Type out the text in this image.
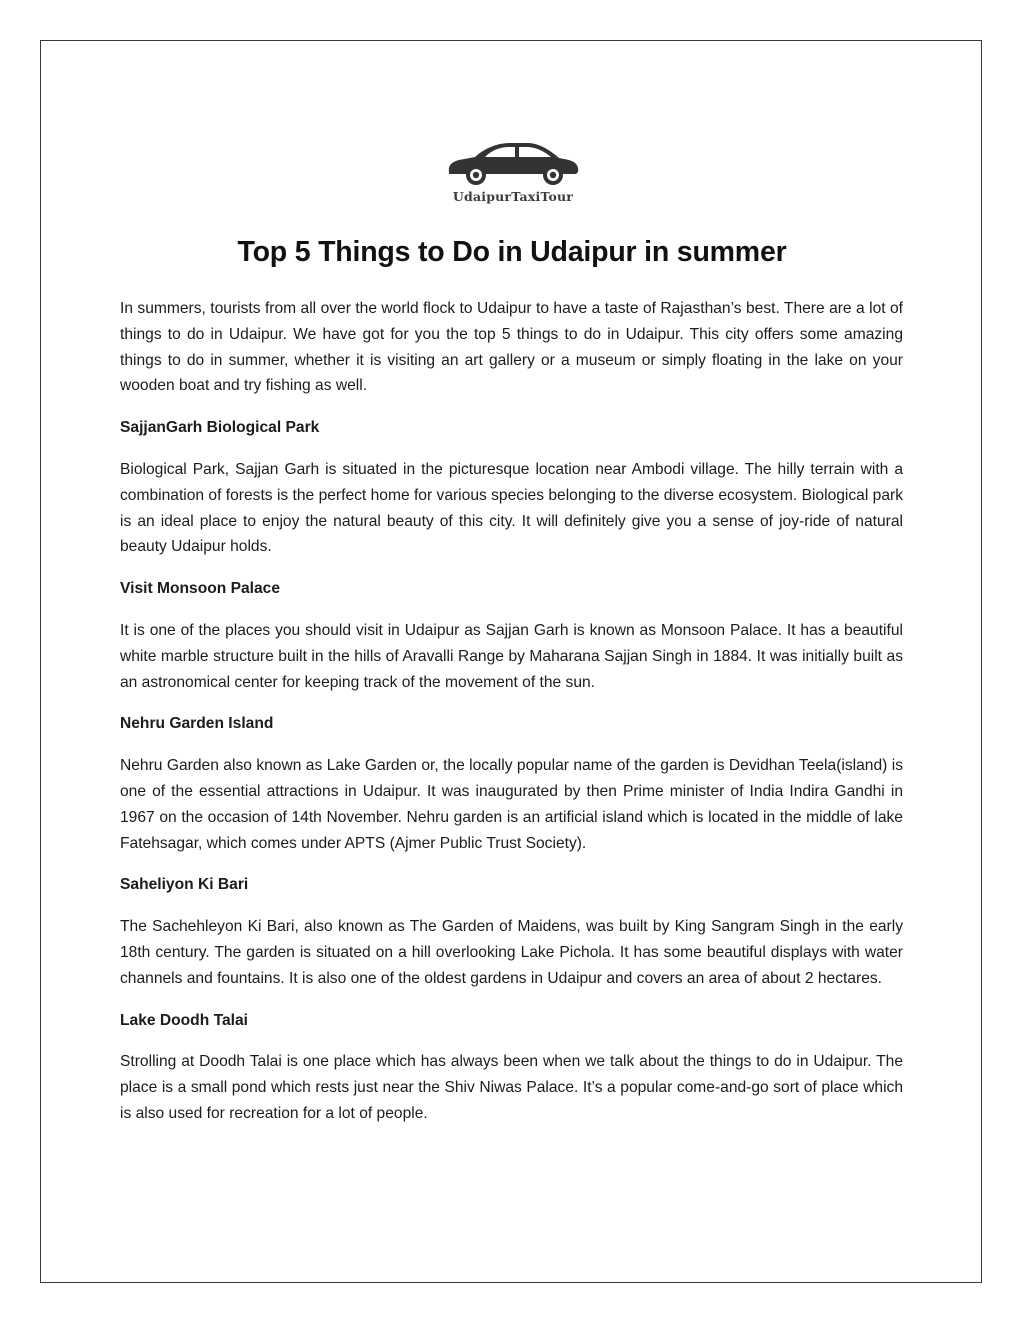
UdaipurTaxiTour
Top 5 Things to Do in Udaipur in summer

In summers, tourists from all over the world flock to Udaipur to have a taste of Rajasthan’s best. There are a lot of things to do in Udaipur. We have got for you the top 5 things to do in Udaipur. This city offers some amazing things to do in summer, whether it is visiting an art gallery or a museum or simply floating in the lake on your wooden boat and try fishing as well.

SajjanGarh Biological Park

Biological Park, Sajjan Garh is situated in the picturesque location near Ambodi village. The hilly terrain with a combination of forests is the perfect home for various species belonging to the diverse ecosystem. Biological park is an ideal place to enjoy the natural beauty of this city. It will definitely give you a sense of joy-ride of natural beauty Udaipur holds.

Visit Monsoon Palace

It is one of the places you should visit in Udaipur as Sajjan Garh is known as Monsoon Palace. It has a beautiful white marble structure built in the hills of Aravalli Range by Maharana Sajjan Singh in 1884. It was initially built as an astronomical center for keeping track of the movement of the sun.

Nehru Garden Island

Nehru Garden also known as Lake Garden or, the locally popular name of the garden is Devidhan Teela(island) is one of the essential attractions in Udaipur. It was inaugurated by then Prime minister of India Indira Gandhi in 1967 on the occasion of 14th November. Nehru garden is an artificial island which is located in the middle of lake Fatehsagar, which comes under APTS (Ajmer Public Trust Society).

Saheliyon Ki Bari

The Sachehleyon Ki Bari, also known as The Garden of Maidens, was built by King Sangram Singh in the early 18th century. The garden is situated on a hill overlooking Lake Pichola. It has some beautiful displays with water channels and fountains. It is also one of the oldest gardens in Udaipur and covers an area of about 2 hectares.

Lake Doodh Talai

Strolling at Doodh Talai is one place which has always been when we talk about the things to do in Udaipur. The place is a small pond which rests just near the Shiv Niwas Palace. It’s a popular come-and-go sort of place which is also used for recreation for a lot of people.
